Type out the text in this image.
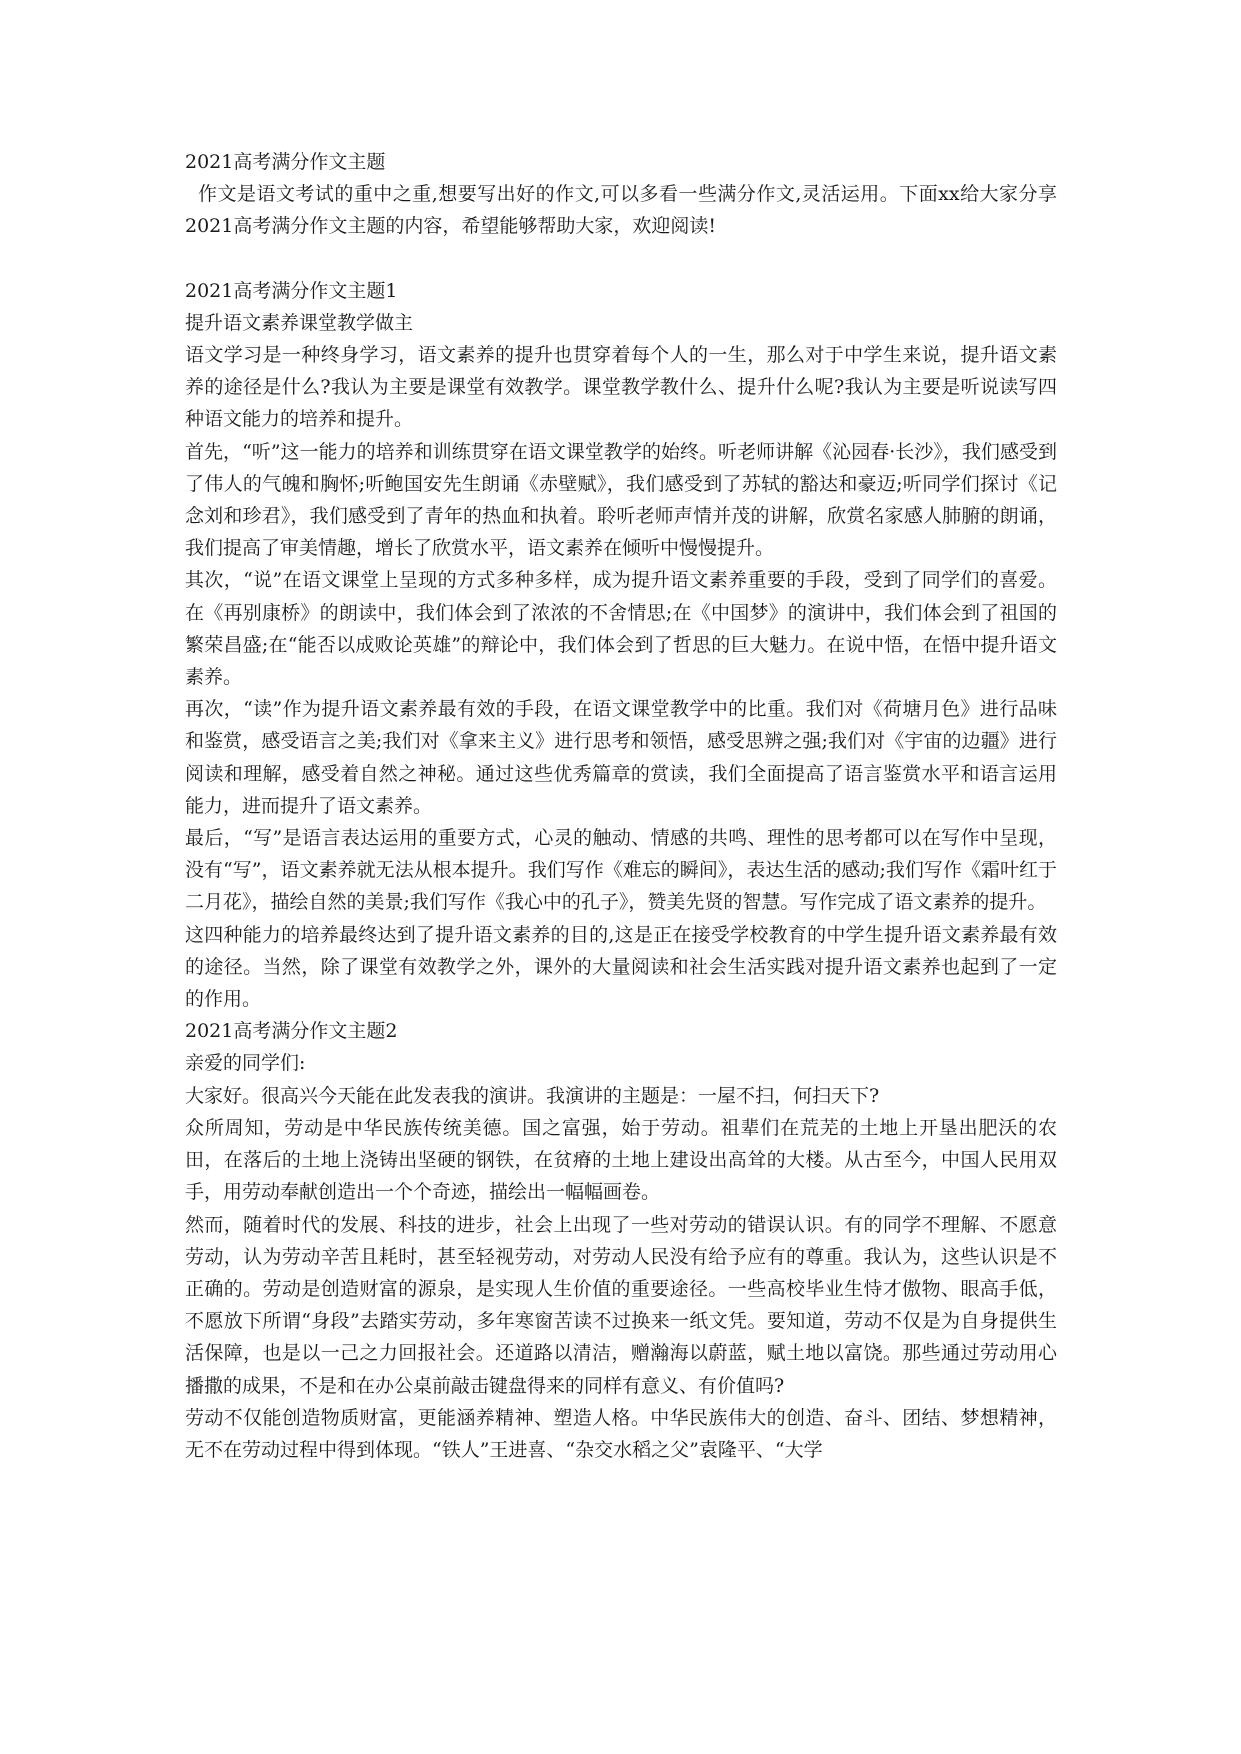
2021高考满分作文主题

作文是语文考试的重中之重,想要写出好的作文,可以多看一些满分作文,灵活运用。下面xx给大家分享2021高考满分作文主题的内容，希望能够帮助大家，欢迎阅读!

2021高考满分作文主题1

提升语文素养课堂教学做主

语文学习是一种终身学习，语文素养的提升也贯穿着每个人的一生，那么对于中学生来说，提升语文素养的途径是什么?我认为主要是课堂有效教学。课堂教学教什么、提升什么呢?我认为主要是听说读写四种语文能力的培养和提升。

首先，“听”这一能力的培养和训练贯穿在语文课堂教学的始终。听老师讲解《沁园春·长沙》，我们感受到了伟人的气魄和胸怀;听鲍国安先生朗诵《赤壁赋》，我们感受到了苏轼的豁达和豪迈;听同学们探讨《记念刘和珍君》，我们感受到了青年的热血和执着。聆听老师声情并茂的讲解，欣赏名家感人肺腑的朗诵，我们提高了审美情趣，增长了欣赏水平，语文素养在倾听中慢慢提升。

其次，“说”在语文课堂上呈现的方式多种多样，成为提升语文素养重要的手段，受到了同学们的喜爱。在《再别康桥》的朗读中，我们体会到了浓浓的不舍情思;在《中国梦》的演讲中，我们体会到了祖国的繁荣昌盛;在“能否以成败论英雄”的辩论中，我们体会到了哲思的巨大魅力。在说中悟，在悟中提升语文素养。

再次，“读”作为提升语文素养最有效的手段，在语文课堂教学中的比重。我们对《荷塘月色》进行品味和鉴赏，感受语言之美;我们对《拿来主义》进行思考和领悟，感受思辨之强;我们对《宇宙的边疆》进行阅读和理解，感受着自然之神秘。通过这些优秀篇章的赏读，我们全面提高了语言鉴赏水平和语言运用能力，进而提升了语文素养。

最后，“写”是语言表达运用的重要方式，心灵的触动、情感的共鸣、理性的思考都可以在写作中呈现，没有“写”，语文素养就无法从根本提升。我们写作《难忘的瞬间》，表达生活的感动;我们写作《霜叶红于二月花》，描绘自然的美景;我们写作《我心中的孔子》，赞美先贤的智慧。写作完成了语文素养的提升。

这四种能力的培养最终达到了提升语文素养的目的,这是正在接受学校教育的中学生提升语文素养最有效的途径。当然，除了课堂有效教学之外，课外的大量阅读和社会生活实践对提升语文素养也起到了一定的作用。

2021高考满分作文主题2

亲爱的同学们:

大家好。很高兴今天能在此发表我的演讲。我演讲的主题是：一屋不扫，何扫天下?

众所周知，劳动是中华民族传统美德。国之富强，始于劳动。祖辈们在荒芜的土地上开垦出肥沃的农田，在落后的土地上浇铸出坚硬的钢铁，在贫瘠的土地上建设出高耸的大楼。从古至今，中国人民用双手，用劳动奉献创造出一个个奇迹，描绘出一幅幅画卷。

然而，随着时代的发展、科技的进步，社会上出现了一些对劳动的错误认识。有的同学不理解、不愿意劳动，认为劳动辛苦且耗时，甚至轻视劳动，对劳动人民没有给予应有的尊重。我认为，这些认识是不正确的。劳动是创造财富的源泉，是实现人生价值的重要途径。一些高校毕业生恃才傲物、眼高手低，不愿放下所谓“身段”去踏实劳动，多年寒窗苦读不过换来一纸文凭。要知道，劳动不仅是为自身提供生活保障，也是以一己之力回报社会。还道路以清洁，赠瀚海以蔚蓝，赋土地以富饶。那些通过劳动用心播撒的成果，不是和在办公桌前敲击键盘得来的同样有意义、有价值吗?

劳动不仅能创造物质财富，更能涵养精神、塑造人格。中华民族伟大的创造、奋斗、团结、梦想精神，无不在劳动过程中得到体现。“铁人”王进喜、“杂交水稻之父”袁隆平、“大学
